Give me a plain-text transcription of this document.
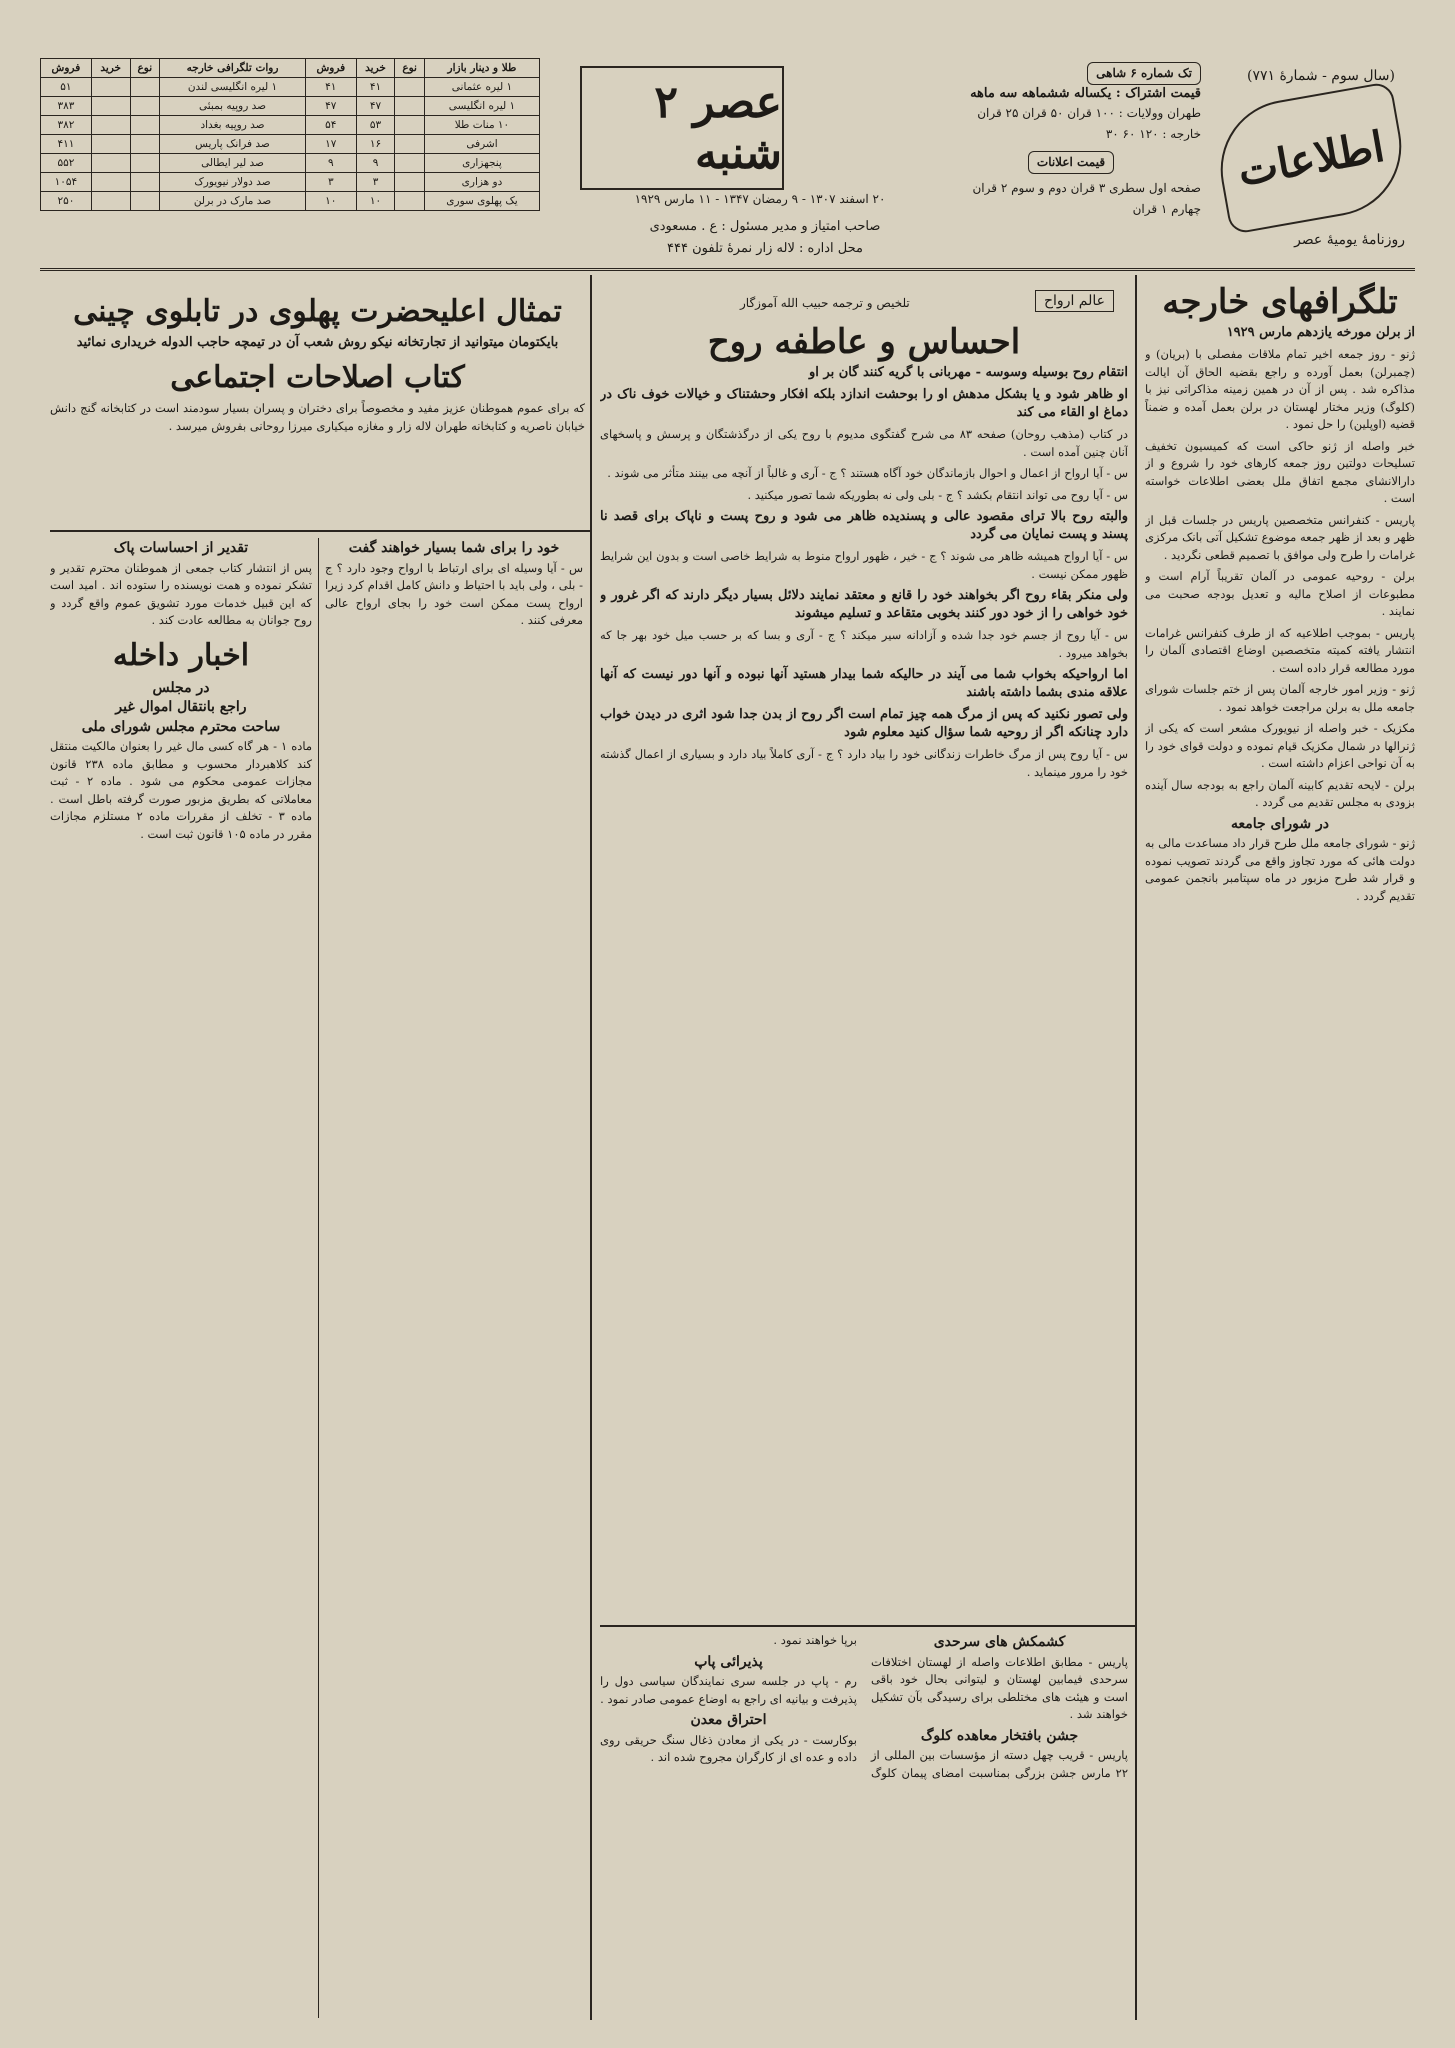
(سال سوم - شمارۀ ۷۷۱)
اطلاعات
روزنامۀ یومیۀ عصر
تک شماره ۶ شاهی
قیمت اشتراک : یکساله ششماهه سه ماهه
طهران وولایات : ۱۰۰ قران ۵۰ قران ۲۵ قران
خارجه : ۱۲۰ ۶۰ ۳۰
قیمت اعلانات
صفحه اول سطری ۳ قران دوم و سوم ۲ قران چهارم ۱ قران
عصر ۲ شنبه
۲۰ اسفند ۱۳۰۷ - ۹ رمضان ۱۳۴۷ - ۱۱ مارس ۱۹۲۹
صاحب امتیاز و مدیر مسئول : ع . مسعودی
محل اداره : لاله زار نمرۀ تلفون ۴۴۴
طلا و دینار بازار	نوع	خرید	فروش	روات تلگرافی خارجه	نوع	خرید	فروش
۱ لیره عثمانی		۴۱	۴۱	۱ لیره انگلیسی لندن			۵۱
۱ لیره انگلیسی		۴۷	۴۷	صد روپیه بمبئی			۳۸۳
۱۰ منات طلا		۵۳	۵۴	صد روپیه بغداد			۳۸۲
اشرفی		۱۶	۱۷	صد فرانک پاریس			۴۱۱
پنجهزاری		۹	۹	صد لیر ایطالی			۵۵۲
دو هزاری		۳	۳	صد دولار نیویورک			۱۰۵۴
یک پهلوی سوری		۱۰	۱۰	صد مارک در برلن			۲۵۰
تلگرافهای خارجه

از برلن مورخه یازدهم مارس ۱۹۲۹

ژنو - روز جمعه اخیر تمام ملاقات مفصلی با (بریان) و (چمبرلن) بعمل آورده و راجع بقضیه الحاق آن ایالت مذاکره شد . پس از آن در همین زمینه مذاکراتی نیز با (کلوگ) وزیر مختار لهستان در برلن بعمل آمده و ضمناً قضیه (اوپلین) را حل نمود .

خبر واصله از ژنو حاکی است که کمیسیون تخفیف تسلیحات دولتین روز جمعه کارهای خود را شروع و از دارالانشای مجمع اتفاق ملل بعضی اطلاعات خواسته است .

پاریس - کنفرانس متخصصین پاریس در جلسات قبل از ظهر و بعد از ظهر جمعه موضوع تشکیل آتی بانک مرکزی غرامات را طرح ولی موافق با تصمیم قطعی نگردید .

برلن - روحیه عمومی در آلمان تقریباً آرام است و مطبوعات از اصلاح مالیه و تعدیل بودجه صحبت می نمایند .

پاریس - بموجب اطلاعیه که از طرف کنفرانس غرامات انتشار یافته کمیته متخصصین اوضاع اقتصادی آلمان را مورد مطالعه قرار داده است .

ژنو - وزیر امور خارجه آلمان پس از ختم جلسات شورای جامعه ملل به برلن مراجعت خواهد نمود .

مکزیک - خبر واصله از نیویورک مشعر است که یکی از ژنرالها در شمال مکزیک قیام نموده و دولت قوای خود را به آن نواحی اعزام داشته است .

برلن - لایحه تقدیم کابینه آلمان راجع به بودجه سال آینده بزودی به مجلس تقدیم می گردد .

در شورای جامعه

ژنو - شورای جامعه ملل طرح قرار داد مساعدت مالی به دولت هائی که مورد تجاوز واقع می گردند تصویب نموده و قرار شد طرح مزبور در ماه سپتامبر بانجمن عمومی تقدیم گردد .

عالم ارواح
تلخیص و ترجمه حبیب الله آموزگار
احساس و عاطفه روح

انتقام روح بوسیله وسوسه - مهربانی با گریه کنند گان بر او

او ظاهر شود و یا بشکل مدهش او را بوحشت اندازد بلکه افکار وحشتناک و خیالات خوف ناک در دماغ او القاء می کند

در کتاب (مذهب روحان) صفحه ۸۳ می شرح گفتگوی مدیوم با روح یکی از درگذشتگان و پرسش و پاسخهای آنان چنین آمده است .

س - آیا ارواح از اعمال و احوال بازماندگان خود آگاه هستند ؟ ج - آری و غالباً از آنچه می بینند متأثر می شوند .

س - آیا روح می تواند انتقام بکشد ؟ ج - بلی ولی نه بطوریکه شما تصور میکنید .

والبته روح بالا ترای مقصود عالی و پسندیده ظاهر می شود و روح پست و ناپاک برای قصد نا پسند و پست نمایان می گردد

س - آیا ارواح همیشه ظاهر می شوند ؟ ج - خیر ، ظهور ارواح منوط به شرایط خاصی است و بدون این شرایط ظهور ممکن نیست .

ولی منکر بقاء روح اگر بخواهند خود را قانع و معتقد نمایند دلائل بسیار دیگر دارند که اگر غرور و خود خواهی را از خود دور کنند بخوبی متقاعد و تسلیم میشوند

س - آیا روح از جسم خود جدا شده و آزادانه سیر میکند ؟ ج - آری و بسا که بر حسب میل خود بهر جا که بخواهد میرود .

اما ارواحیکه بخواب شما می آیند در حالیکه شما بیدار هستید آنها نبوده و آنها دور نیست که آنها علاقه مندی بشما داشته باشند

ولی تصور نکنید که پس از مرگ همه چیز تمام است اگر روح از بدن جدا شود اثری در دیدن خواب دارد چنانکه اگر از روحیه شما سؤال کنید معلوم شود

س - آیا روح پس از مرگ خاطرات زندگانی خود را بیاد دارد ؟ ج - آری کاملاً بیاد دارد و بسیاری از اعمال گذشته خود را مرور مینماید .

کشمکش های سرحدی

پاریس - مطابق اطلاعات واصله از لهستان اختلافات سرحدی فیمابین لهستان و لیتوانی بحال خود باقی است و هیئت های مختلطی برای رسیدگی بآن تشکیل خواهند شد .

جشن بافتخار معاهده کلوگ

پاریس - قریب چهل دسته از مؤسسات بین المللی از ۲۲ مارس جشن بزرگی بمناسبت امضای پیمان کلوگ برپا خواهند نمود .

پذیرائی پاپ

رم - پاپ در جلسه سری نمایندگان سیاسی دول را پذیرفت و بیانیه ای راجع به اوضاع عمومی صادر نمود .

احتراق معدن

بوکارست - در یکی از معادن ذغال سنگ حریقی روی داده و عده ای از کارگران مجروح شده اند .

تمثال اعلیحضرت پهلوی در تابلوی چینی

بایکتومان میتوانید از تجارتخانه نیکو روش شعب آن در تیمچه حاجب الدوله خریداری نمائید

کتاب اصلاحات اجتماعی

که برای عموم هموطنان عزیز مفید و مخصوصاً برای دختران و پسران بسیار سودمند است در کتابخانه گنج دانش خیابان ناصریه و کتابخانه طهران لاله زار و مغازه میکیاری میرزا روحانی بفروش میرسد .

خود را برای شما بسیار خواهند گفت

س - آیا وسیله ای برای ارتباط با ارواح وجود دارد ؟ ج - بلی ، ولی باید با احتیاط و دانش کامل اقدام کرد زیرا ارواح پست ممکن است خود را بجای ارواح عالی معرفی کنند .

تقدیر از احساسات پاک

پس از انتشار کتاب جمعی از هموطنان محترم تقدیر و تشکر نموده و همت نویسنده را ستوده اند . امید است که این قبیل خدمات مورد تشویق عموم واقع گردد و روح جوانان به مطالعه عادت کند .

اخبار داخله
در مجلس
راجع بانتقال اموال غیر
ساحت محترم مجلس شورای ملی

ماده ۱ - هر گاه کسی مال غیر را بعنوان مالکیت منتقل کند کلاهبردار محسوب و مطابق ماده ۲۳۸ قانون مجازات عمومی محکوم می شود . ماده ۲ - ثبت معاملاتی که بطریق مزبور صورت گرفته باطل است . ماده ۳ - تخلف از مقررات ماده ۲ مستلزم مجازات مقرر در ماده ۱۰۵ قانون ثبت است .
